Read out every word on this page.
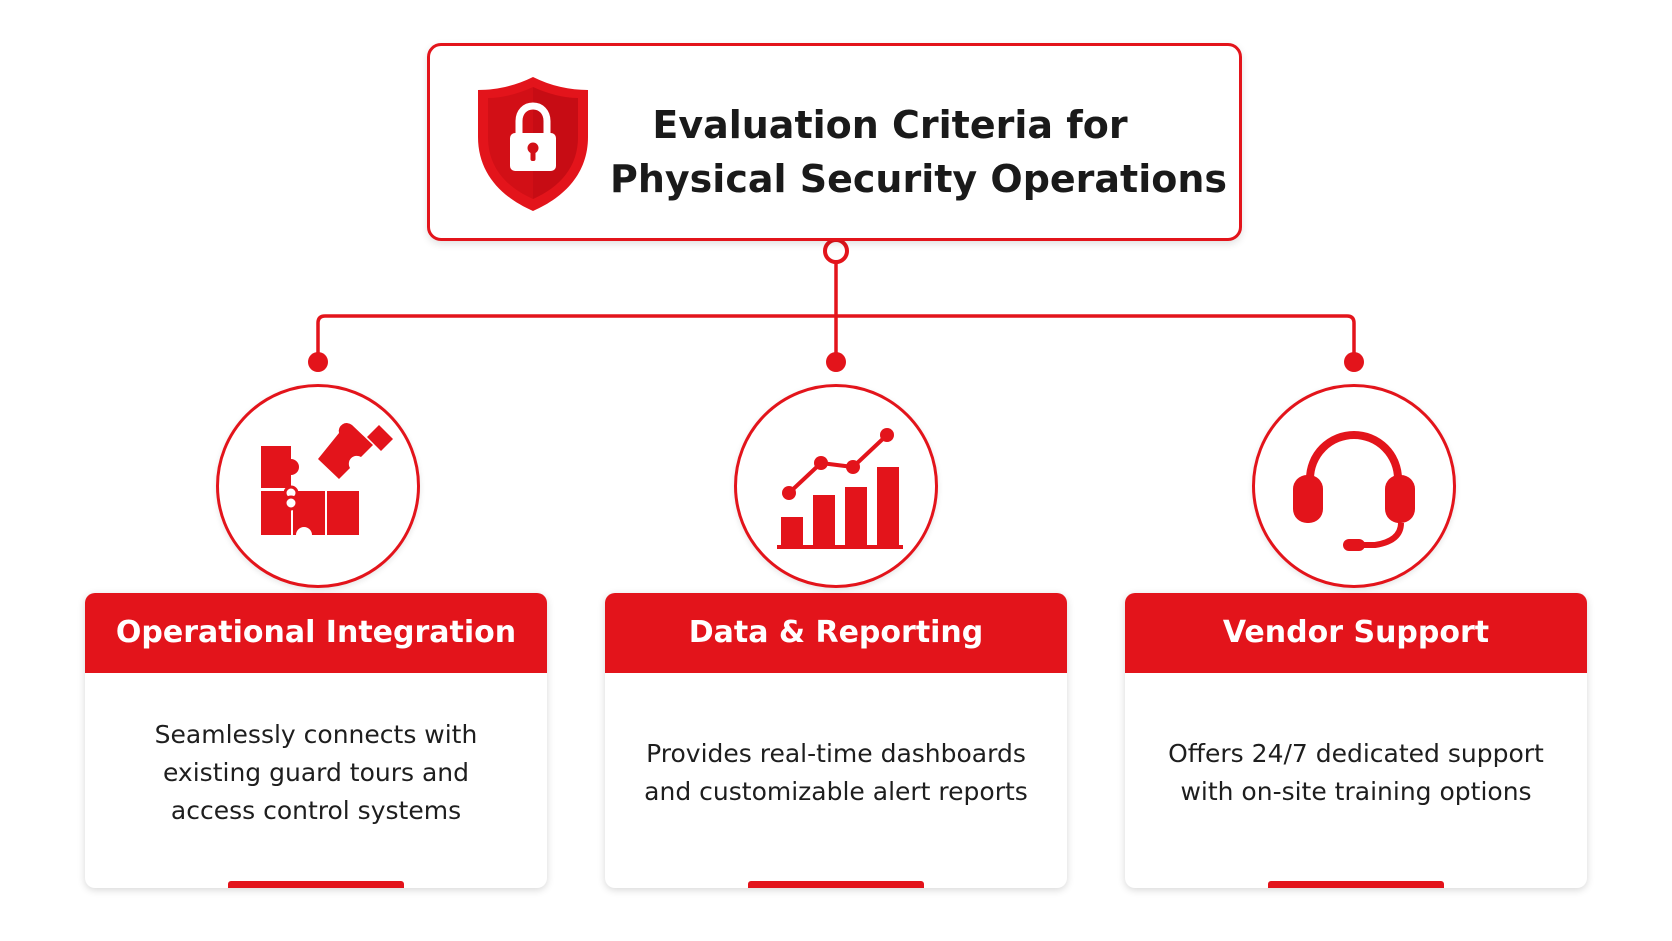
Evaluation Criteria for
Physical Security Operations
Operational Integration
Seamlessly connects with existing guard tours and access control systems
Data & Reporting
Provides real-time dashboards and customizable alert reports
Vendor Support
Offers 24/7 dedicated support with on-site training options
